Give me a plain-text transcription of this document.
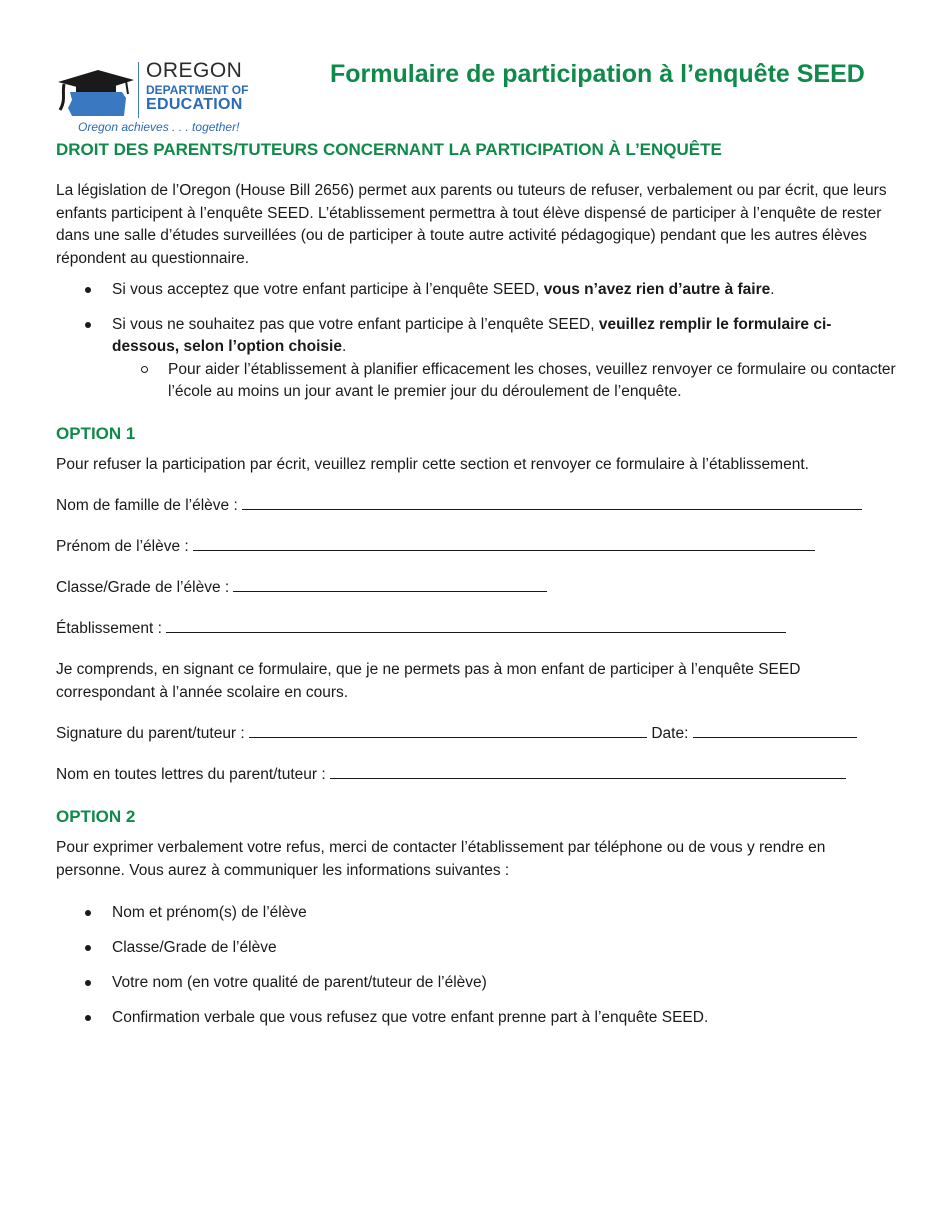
OREGON
DEPARTMENT OF
EDUCATION
Oregon achieves . . . together!
Formulaire de participation à l’enquête SEED
DROIT DES PARENTS/TUTEURS CONCERNANT LA PARTICIPATION À L’ENQUÊTE

La législation de l’Oregon (House Bill 2656) permet aux parents ou tuteurs de refuser, verbalement ou par écrit, que leurs enfants participent à l’enquête SEED. L’établissement permettra à tout élève dispensé de participer à l’enquête de rester dans une salle d’études surveillées (ou de participer à toute autre activité pédagogique) pendant que les autres élèves répondent au questionnaire.

Si vous acceptez que votre enfant participe à l’enquête SEED, vous n’avez rien d’autre à faire.
Si vous ne souhaitez pas que votre enfant participe à l’enquête SEED, veuillez remplir le formulaire ci-dessous, selon l’option choisie.
Pour aider l’établissement à planifier efficacement les choses, veuillez renvoyer ce formulaire ou contacter l’école au moins un jour avant le premier jour du déroulement de l’enquête.
OPTION 1

Pour refuser la participation par écrit, veuillez remplir cette section et renvoyer ce formulaire à l’établissement.

Nom de famille de l’élève :
Prénom de l’élève :
Classe/Grade de l’élève :
Établissement :

Je comprends, en signant ce formulaire, que je ne permets pas à mon enfant de participer à l’enquête SEED correspondant à l’année scolaire en cours.

Signature du parent/tuteur :	Date:
Nom en toutes lettres du parent/tuteur :
OPTION 2

Pour exprimer verbalement votre refus, merci de contacter l’établissement par téléphone ou de vous y rendre en personne. Vous aurez à communiquer les informations suivantes :

Nom et prénom(s) de l’élève
Classe/Grade de l’élève
Votre nom (en votre qualité de parent/tuteur de l’élève)
Confirmation verbale que vous refusez que votre enfant prenne part à l’enquête SEED.
